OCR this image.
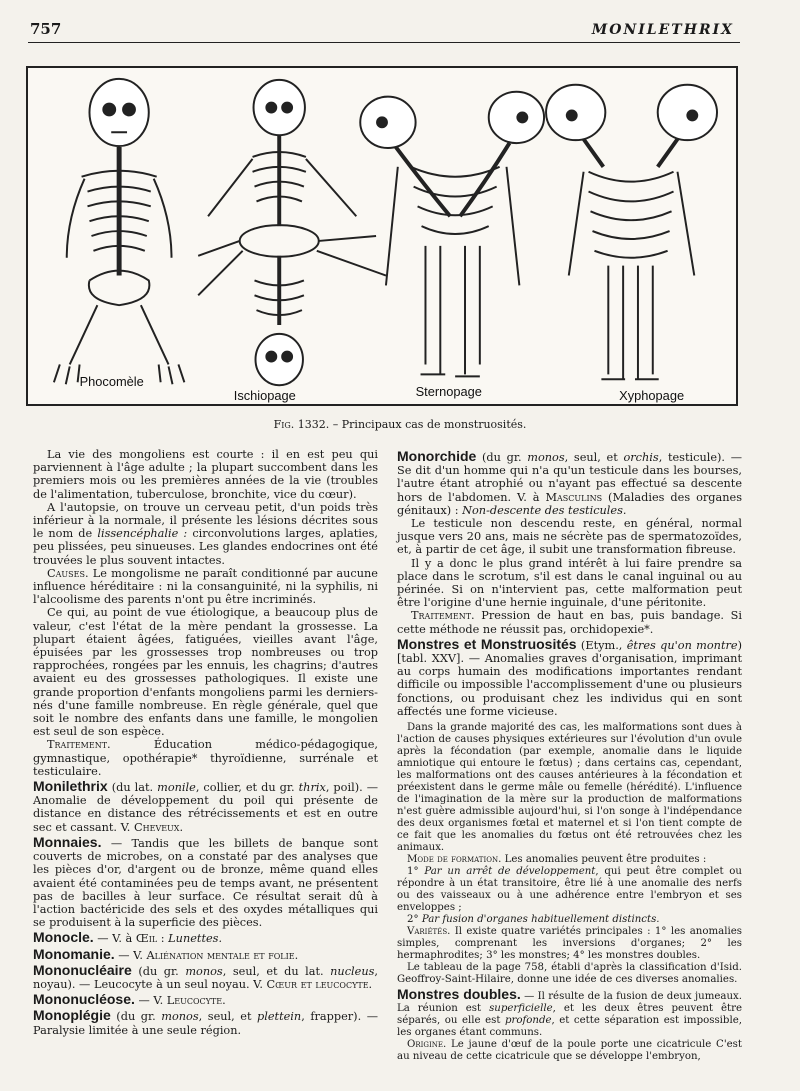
757	MONILETHRIX
Phocomèle
Ischiopage	Sternopage	Xyphopage
Fig. 1332. – Principaux cas de monstruosités.

La vie des mongoliens est courte : il en est peu qui parviennent à l'âge adulte ; la plupart succombent dans les premiers mois ou les premières années de la vie (troubles de l'alimentation, tuberculose, bronchite, vice du cœur).

A l'autopsie, on trouve un cerveau petit, d'un poids très inférieur à la normale, il présente les lésions décrites sous le nom de lissencéphalie : circonvolutions larges, aplaties, peu plissées, peu sinueuses. Les glandes endocrines ont été trouvées le plus souvent intactes.

Causes. Le mongolisme ne paraît conditionné par aucune influence héréditaire : ni la consanguinité, ni la syphilis, ni l'alcoolisme des parents n'ont pu être incriminés.

Ce qui, au point de vue étiologique, a beaucoup plus de valeur, c'est l'état de la mère pendant la grossesse. La plupart étaient âgées, fatiguées, vieilles avant l'âge, épuisées par les grossesses trop nombreuses ou trop rapprochées, rongées par les ennuis, les chagrins; d'autres avaient eu des grossesses pathologiques. Il existe une grande proportion d'enfants mongoliens parmi les derniers-nés d'une famille nombreuse. En règle générale, quel que soit le nombre des enfants dans une famille, le mongolien est seul de son espèce.

Traitement. Éducation médico-pédagogique, gymnastique, opothérapie* thyroïdienne, surrénale et testiculaire.

Monilethrix (du lat. monile, collier, et du gr. thrix, poil). — Anomalie de développement du poil qui présente de distance en distance des rétrécissements et est en outre sec et cassant. V. Cheveux.

Monnaies. — Tandis que les billets de banque sont couverts de microbes, on a constaté par des analyses que les pièces d'or, d'argent ou de bronze, même quand elles avaient été contaminées peu de temps avant, ne présentent pas de bacilles à leur surface. Ce résultat serait dû à l'action bactéricide des sels et des oxydes métalliques qui se produisent à la superficie des pièces.

Monocle. — V. à Œil : Lunettes.

Monomanie. — V. Aliénation mentale et folie.

Mononucléaire (du gr. monos, seul, et du lat. nucleus, noyau). — Leucocyte à un seul noyau. V. Cœur et leucocyte.

Mononucléose. — V. Leucocyte.

Monoplégie (du gr. monos, seul, et plettein, frapper). — Paralysie limitée à une seule région.

Monorchide (du gr. monos, seul, et orchis, testicule). — Se dit d'un homme qui n'a qu'un testicule dans les bourses, l'autre étant atrophié ou n'ayant pas effectué sa descente hors de l'abdomen. V. à Masculins (Maladies des organes génitaux) : Non-descente des testicules.

Le testicule non descendu reste, en général, normal jusque vers 20 ans, mais ne sécrète pas de spermatozoïdes, et, à partir de cet âge, il subit une transformation fibreuse.

Il y a donc le plus grand intérêt à lui faire prendre sa place dans le scrotum, s'il est dans le canal inguinal ou au périnée. Si on n'intervient pas, cette malformation peut être l'origine d'une hernie inguinale, d'une péritonite.

Traitement. Pression de haut en bas, puis bandage. Si cette méthode ne réussit pas, orchidopexie*.

Monstres et Monstruosités (Etym., êtres qu'on montre) [tabl. XXV]. — Anomalies graves d'organisation, imprimant au corps humain des modifications importantes rendant difficile ou impossible l'accomplissement d'une ou plusieurs fonctions, ou produisant chez les individus qui en sont affectés une forme vicieuse.

Dans la grande majorité des cas, les malformations sont dues à l'action de causes physiques extérieures sur l'évolution d'un ovule après la fécondation (par exemple, anomalie dans le liquide amniotique qui entoure le fœtus) ; dans certains cas, cependant, les malformations ont des causes antérieures à la fécondation et préexistent dans le germe mâle ou femelle (hérédité). L'influence de l'imagination de la mère sur la production de malformations n'est guère admissible aujourd'hui, si l'on songe à l'indépendance des deux organismes fœtal et maternel et si l'on tient compte de ce fait que les anomalies du fœtus ont été retrouvées chez les animaux.

Mode de formation. Les anomalies peuvent être produites :

1° Par un arrêt de développement, qui peut être complet ou répondre à un état transitoire, être lié à une anomalie des nerfs ou des vaisseaux ou à une adhérence entre l'embryon et ses enveloppes ;

2° Par fusion d'organes habituellement distincts.

Variétés. Il existe quatre variétés principales : 1° les anomalies simples, comprenant les inversions d'organes; 2° les hermaphrodites; 3° les monstres; 4° les monstres doubles.

Le tableau de la page 758, établi d'après la classification d'Isid. Geoffroy-Saint-Hilaire, donne une idée de ces diverses anomalies.

Monstres doubles. — Il résulte de la fusion de deux jumeaux. La réunion est superficielle, et les deux êtres peuvent être séparés, ou elle est profonde, et cette séparation est impossible, les organes étant communs.

Origine. Le jaune d'œuf de la poule porte une cicatricule C'est au niveau de cette cicatricule que se développe l'embryon,
